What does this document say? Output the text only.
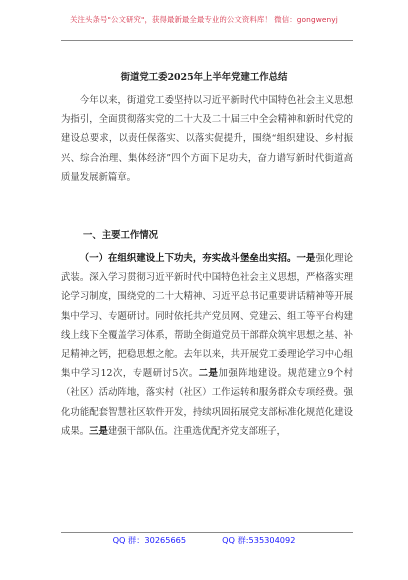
关注头条号"公文研究"，获得最新最全最专业的公文资料库！ 微信：gongwenyj
街道党工委2025年上半年党建工作总结
今年以来，街道党工委坚持以习近平新时代中国特色社会主义思想为指引，全面贯彻落实党的二十大及二十届三中全会精神和新时代党的建设总要求，以责任保落实、以落实促提升，围绕“组织建设、乡村振兴、综合治理、集体经济”四个方面下足功夫，奋力谱写新时代街道高质量发展新篇章。
一、主要工作情况
（一）在组织建设上下功夫，夯实战斗堡垒出实招。一是强化理论武装。深入学习贯彻习近平新时代中国特色社会主义思想，严格落实理论学习制度，围绕党的二十大精神、习近平总书记重要讲话精神等开展集中学习、专题研讨。同时依托共产党员网、党建云、组工等平台构建线上线下全覆盖学习体系，帮助全街道党员干部群众筑牢思想之基、补足精神之钙，把稳思想之舵。去年以来，共开展党工委理论学习中心组集中学习12次，专题研讨5次。二是加强阵地建设。规范建立9个村（社区）活动阵地，落实村（社区）工作运转和服务群众专项经费。强化功能配套智慧社区软件开发，持续巩固拓展党支部标准化规范化建设成果。三是建强干部队伍。注重选优配齐党支部班子，
QQ 群：30265665	QQ 群:535304092
